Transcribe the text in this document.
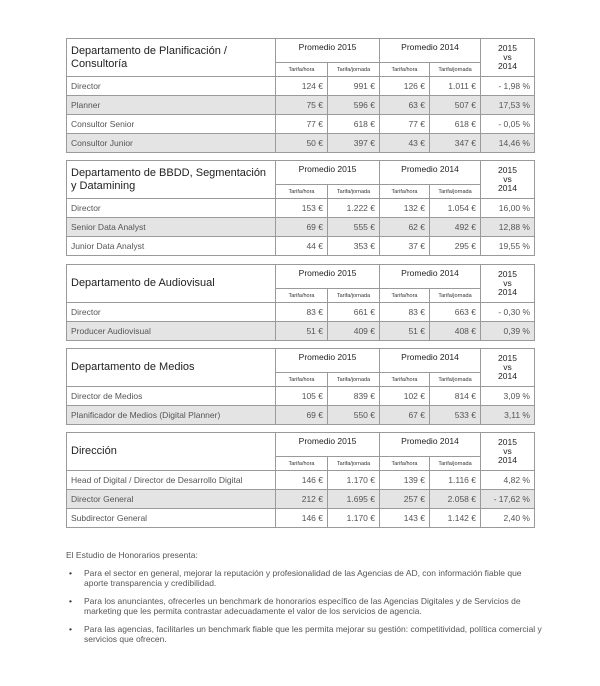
Departamento de Planificación / Consultoría	Promedio 2015		Promedio 2014		2015
vs
2014

	Tarifa/hora	Tarifa/jornada	Tarifa/hora	Tarifa/jornada	
Director	124 €	991 €	126 €	1.011 €	- 1,98 %
Planner	75 €	596 €	63 €	507 €	17,53 %
Consultor Senior	77 €	618 €	77 €	618 €	- 0,05 %
Consultor Junior	50 €	397 €	43 €	347 €	14,46 %
Departamento de BBDD, Segmentación y Datamining	Promedio 2015		Promedio 2014		2015
vs
2014

	Tarifa/hora	Tarifa/jornada	Tarifa/hora	Tarifa/jornada	
Director	153 €	1.222 €	132 €	1.054 €	16,00 %
Senior Data Analyst	69 €	555 €	62 €	492 €	12,88 %
Junior Data Analyst	44 €	353 €	37 €	295 €	19,55 %
Departamento de Audiovisual	Promedio 2015		Promedio 2014		2015
vs
2014

	Tarifa/hora	Tarifa/jornada	Tarifa/hora	Tarifa/jornada	
Director	83 €	661 €	83 €	663 €	- 0,30 %
Producer Audiovisual	51 €	409 €	51 €	408 €	0,39 %
Departamento de Medios	Promedio 2015		Promedio 2014		2015
vs
2014

	Tarifa/hora	Tarifa/jornada	Tarifa/hora	Tarifa/jornada	
Director de Medios	105 €	839 €	102 €	814 €	3,09 %
Planificador de Medios (Digital Planner)	69 €	550 €	67 €	533 €	3,11 %
Dirección	Promedio 2015		Promedio 2014		2015
vs
2014

	Tarifa/hora	Tarifa/jornada	Tarifa/hora	Tarifa/jornada	
Head of Digital / Director de Desarrollo Digital	146 €	1.170 €	139 €	1.116 €	4,82 %
Director General	212 €	1.695 €	257 €	2.058 €	- 17,62 %
Subdirector General	146 €	1.170 €	143 €	1.142 €	2,40 %

El Estudio de Honorarios presenta:

• Para el sector en general, mejorar la reputación y profesionalidad de las Agencias de AD, con información fiable que aporte transparencia y credibilidad.
• Para los anunciantes, ofrecerles un benchmark de honorarios específico de las Agencias Digitales y de Servicios de marketing que les permita contrastar adecuadamente el valor de los servicios de agencia.
• Para las agencias, facilitarles un benchmark fiable que les permita mejorar su gestión: competitividad, política comercial y servicios que ofrecen.
